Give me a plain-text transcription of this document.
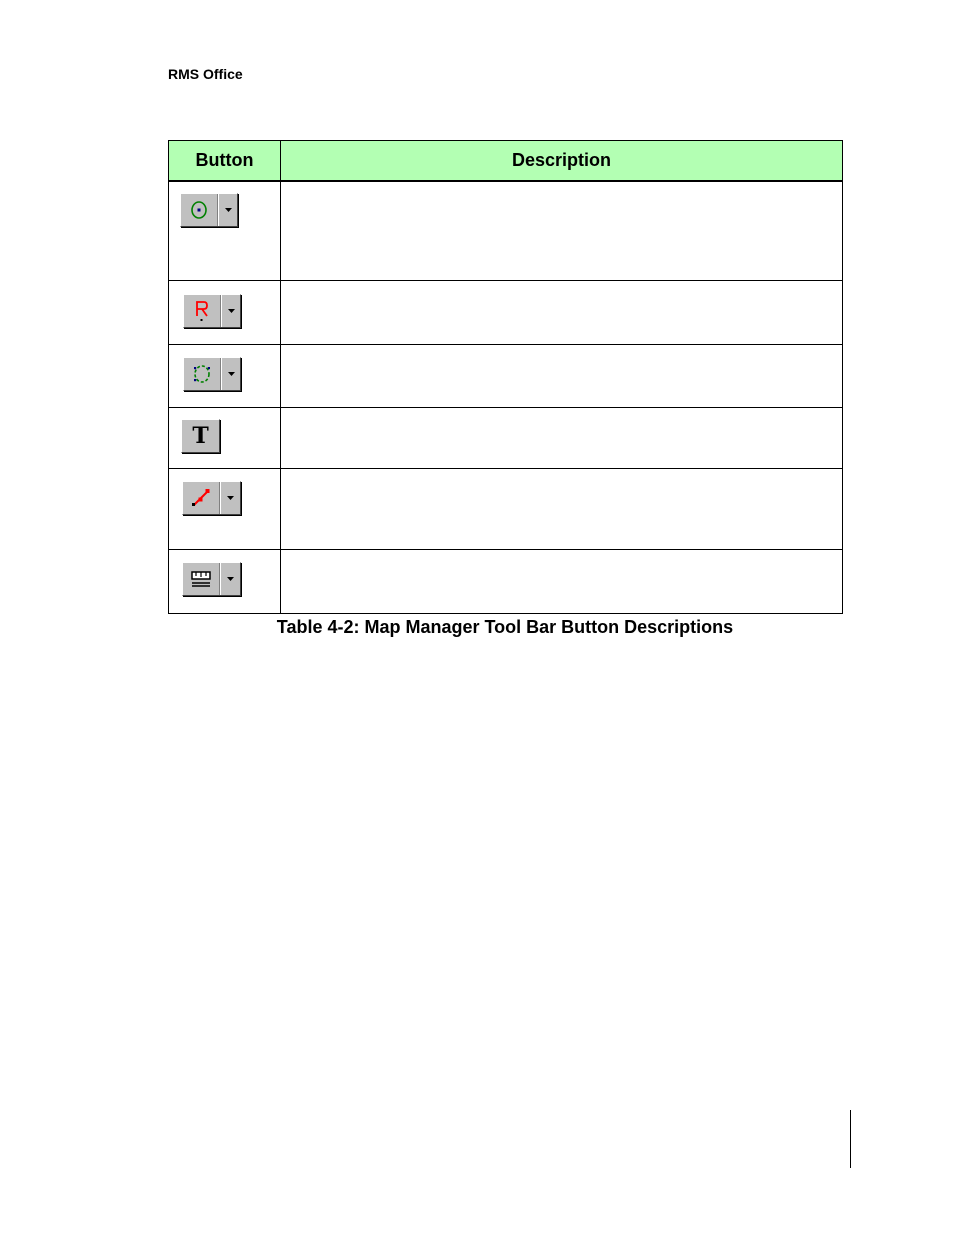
RMS Office
Button	Description

T	

Table 4-2: Map Manager Tool Bar Button Descriptions
